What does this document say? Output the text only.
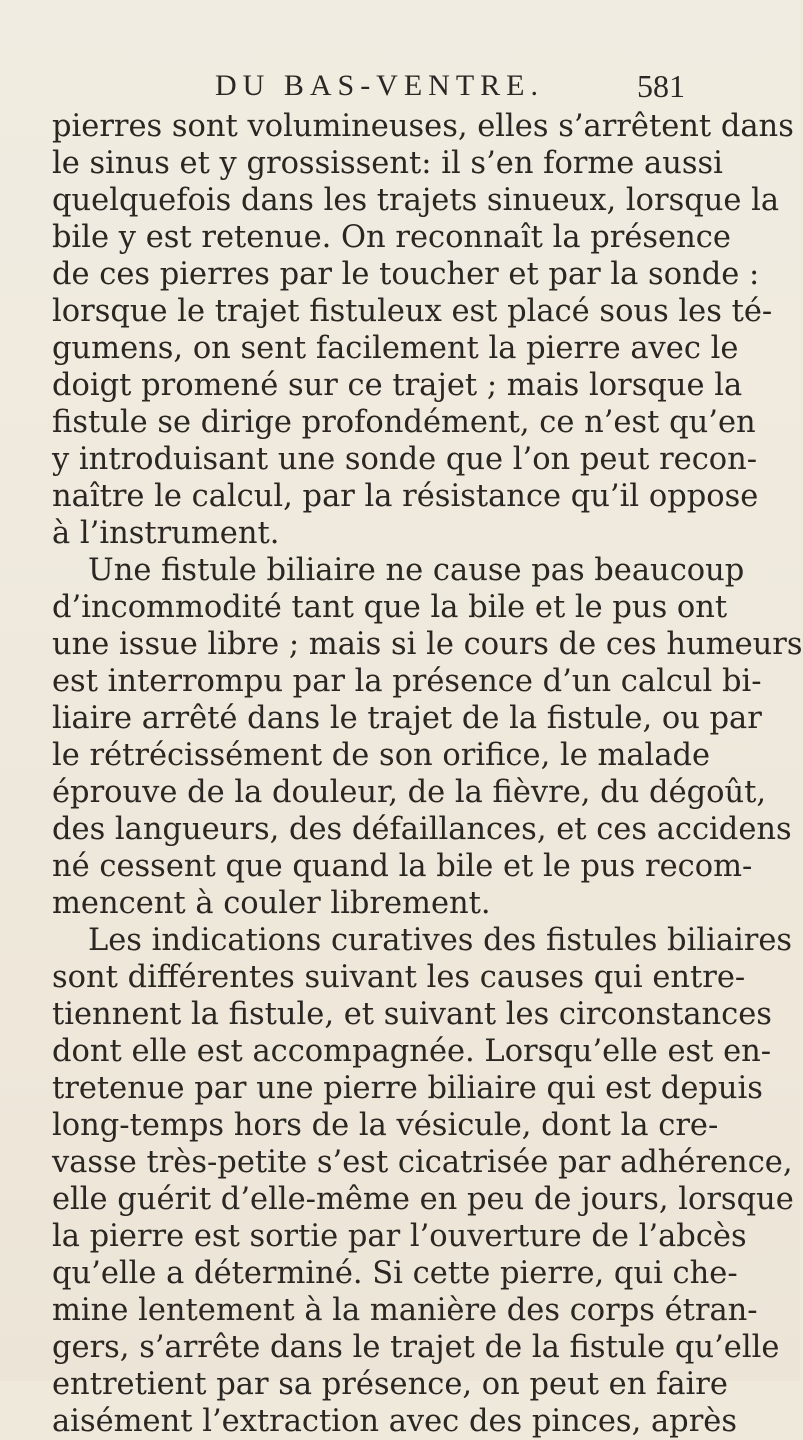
DU BAS-VENTRE.	581
pierres sont volumineuses, elles s’arrêtent dans
le sinus et y grossissent: il s’en forme aussi
quelquefois dans les trajets sinueux, lorsque la
bile y est retenue. On reconnaît la présence
de ces pierres par le toucher et par la sonde :
lorsque le trajet fistuleux est placé sous les té-
gumens, on sent facilement la pierre avec le
doigt promené sur ce trajet ; mais lorsque la
fistule se dirige profondément, ce n’est qu’en
y introduisant une sonde que l’on peut recon-
naître le calcul, par la résistance qu’il oppose
à l’instrument.
Une fistule biliaire ne cause pas beaucoup
d’incommodité tant que la bile et le pus ont
une issue libre ; mais si le cours de ces humeurs
est interrompu par la présence d’un calcul bi-
liaire arrêté dans le trajet de la fistule, ou par
le rétrécissément de son orifice, le malade
éprouve de la douleur, de la fièvre, du dégoût,
des langueurs, des défaillances, et ces accidens
né cessent que quand la bile et le pus recom-
mencent à couler librement.
Les indications curatives des fistules biliaires
sont différentes suivant les causes qui entre-
tiennent la fistule, et suivant les circonstances
dont elle est accompagnée. Lorsqu’elle est en-
tretenue par une pierre biliaire qui est depuis
long-temps hors de la vésicule, dont la cre-
vasse très-petite s’est cicatrisée par adhérence,
elle guérit d’elle-même en peu de jours, lorsque
la pierre est sortie par l’ouverture de l’abcès
qu’elle a déterminé. Si cette pierre, qui che-
mine lentement à la manière des corps étran-
gers, s’arrête dans le trajet de la fistule qu’elle
entretient par sa présence, on peut en faire
aisément l’extraction avec des pinces, après
